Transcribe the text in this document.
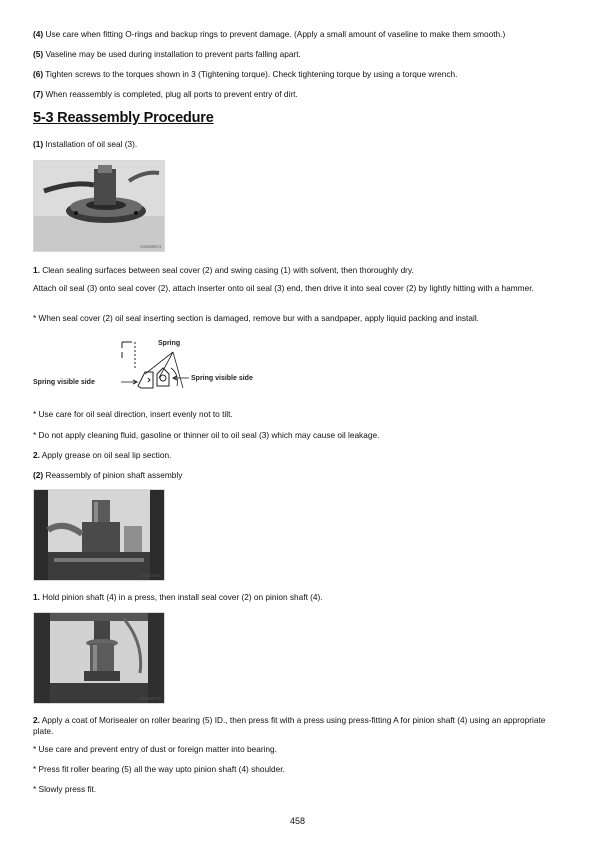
(4) Use care when fitting O-rings and backup rings to prevent damage. (Apply a small amount of vaseline to make them smooth.)

(5) Vaseline may be used during installation to prevent parts falling apart.

(6) Tighten screws to the torques shown in 3 (Tightening torque). Check tightening torque by using a torque wrench.

(7) When reassembly is completed, plug all ports to prevent entry of dirt.

5-3 Reassembly Procedure

(1) Installation of oil seal (3).

G54820013

1. Clean sealing surfaces between seal cover (2) and swing casing (1) with solvent, then thoroughly dry.

Attach oil seal (3) onto seal cover (2), attach inserter onto oil seal (3) end, then drive it into seal cover (2) by lightly hitting with a hammer.

* When seal cover (2) oil seal inserting section is damaged, remove bur with a sandpaper, apply liquid packing and install.

Spring
Spring visible side
Spring visible side

* Use care for oil seal direction, insert evenly not to tilt.

* Do not apply cleaning fluid, gasoline or thinner oil to oil seal (3) which may cause oil leakage.

2. Apply grease on oil seal lip section.

(2) Reassembly of pinion shaft assembly

G54820055

1. Hold pinion shaft (4) in a press, then install seal cover (2) on pinion shaft (4).

G54820056

2. Apply a coat of Morisealer on roller bearing (5) ID., then press fit with a press using press-fitting A for pinion shaft (4) using an appropriate plate.

* Use care and prevent entry of dust or foreign matter into bearing.

* Press fit roller bearing (5) all the way upto pinion shaft (4) shoulder.

* Slowly press fit.

458
